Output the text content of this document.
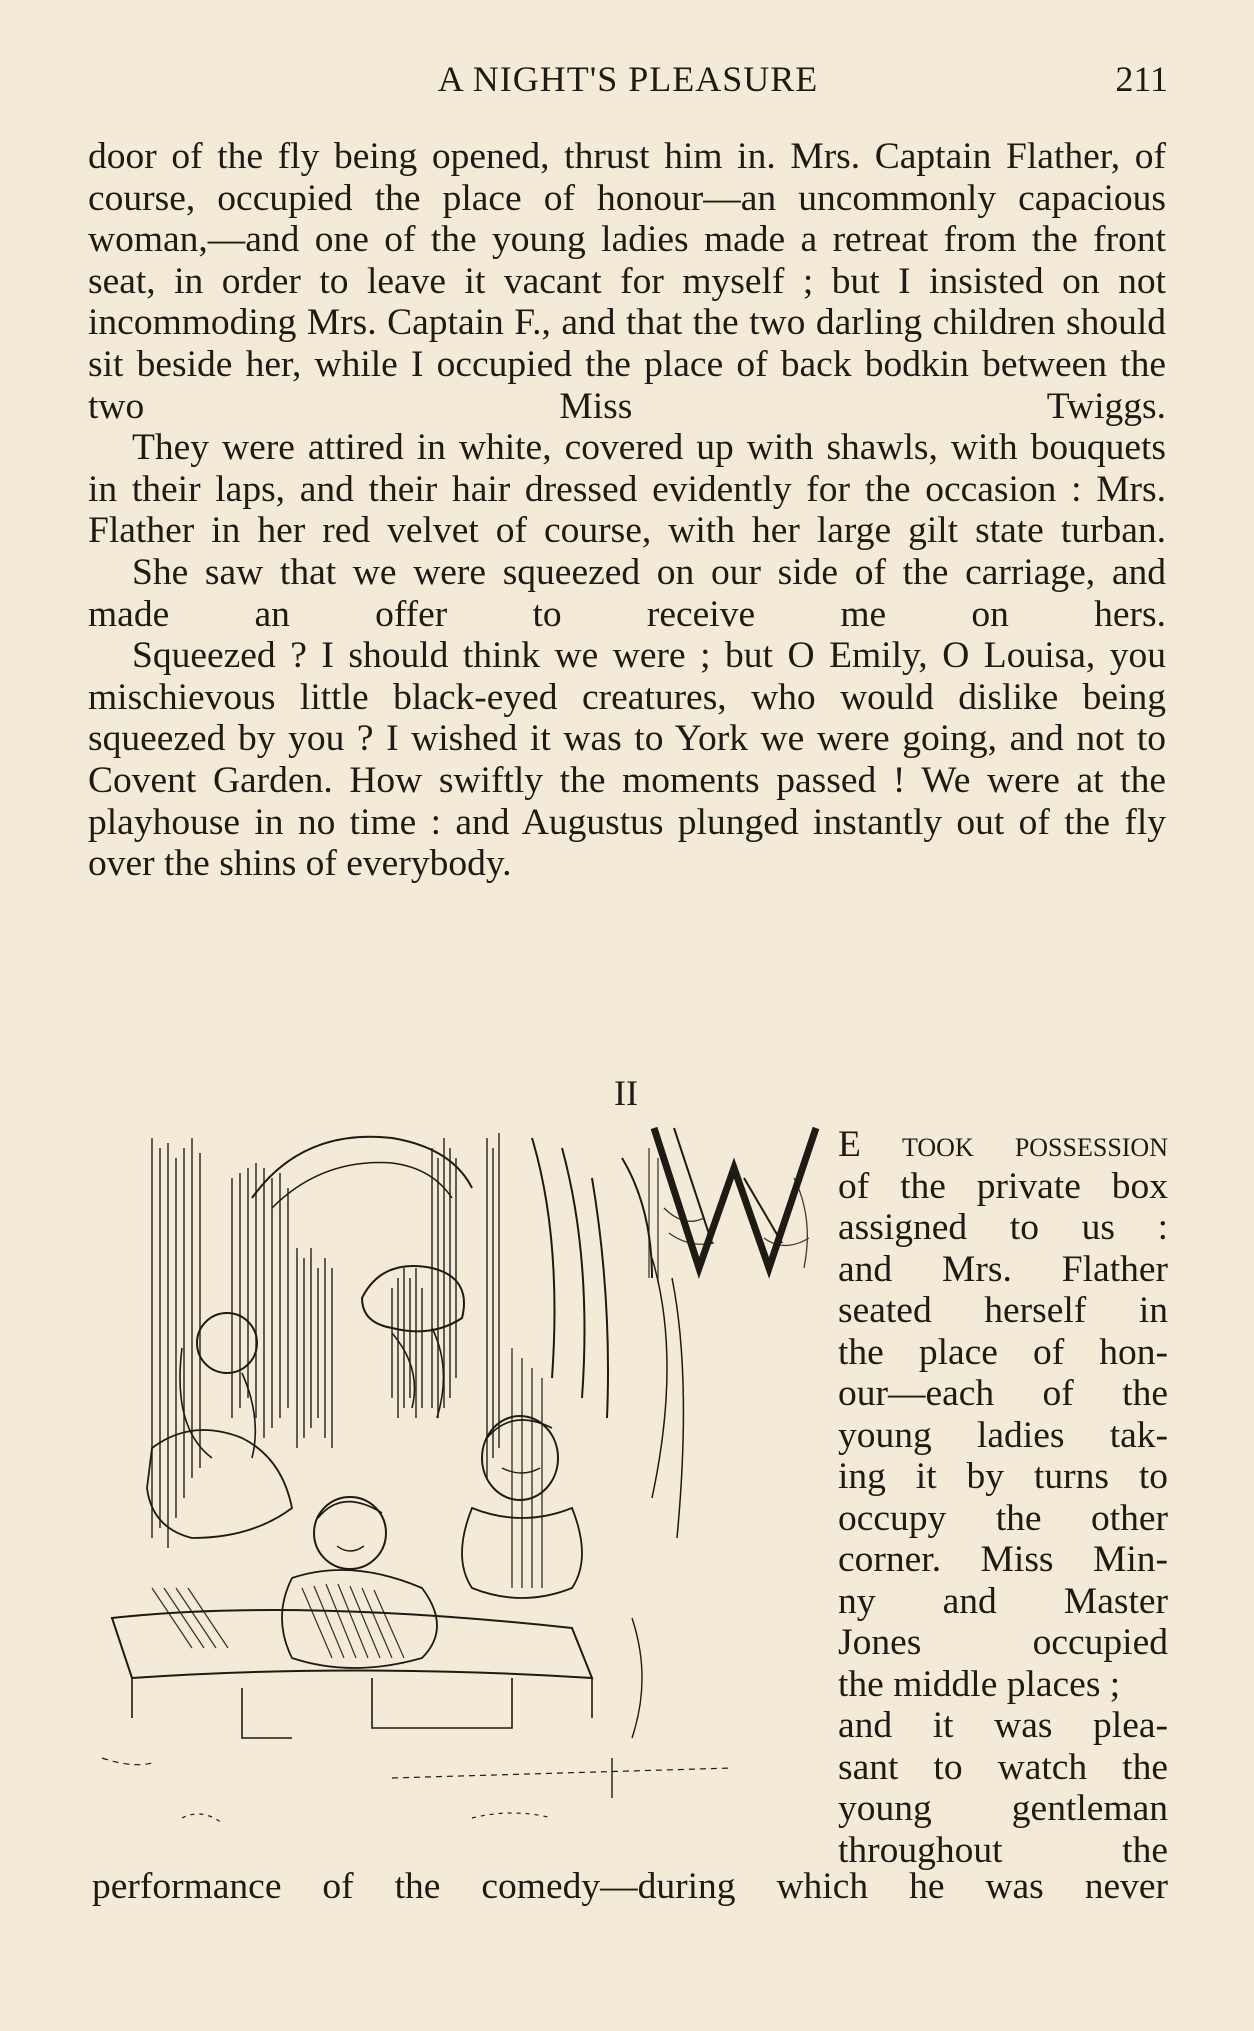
A NIGHT'S PLEASURE	211

door of the fly being opened, thrust him in. Mrs. Captain Flather, of course, occupied the place of honour—an uncommonly capacious woman,—and one of the young ladies made a retreat from the front seat, in order to leave it vacant for myself ; but I insisted on not incommoding Mrs. Captain F., and that the two darling children should sit beside her, while I occupied the place of back bodkin between the two Miss Twiggs.

They were attired in white, covered up with shawls, with bouquets in their laps, and their hair dressed evidently for the occasion : Mrs. Flather in her red velvet of course, with her large gilt state turban.

She saw that we were squeezed on our side of the carriage, and made an offer to receive me on hers.

Squeezed ? I should think we were ; but O Emily, O Louisa, you mischievous little black-eyed creatures, who would dislike being squeezed by you ? I wished it was to York we were going, and not to Covent Garden. How swiftly the moments passed ! We were at the playhouse in no time : and Augustus plunged instantly out of the fly over the shins of everybody.

II
E took possession
of the private box
assigned to us :
and Mrs. Flather
seated herself in
the place of hon-
our—each of the
young ladies tak-
ing it by turns to
occupy the other
corner. Miss Min-
ny and Master
Jones occupied
the middle places ;
and it was plea-
sant to watch the
young gentleman
throughout the
performance of the comedy—during which he was never
